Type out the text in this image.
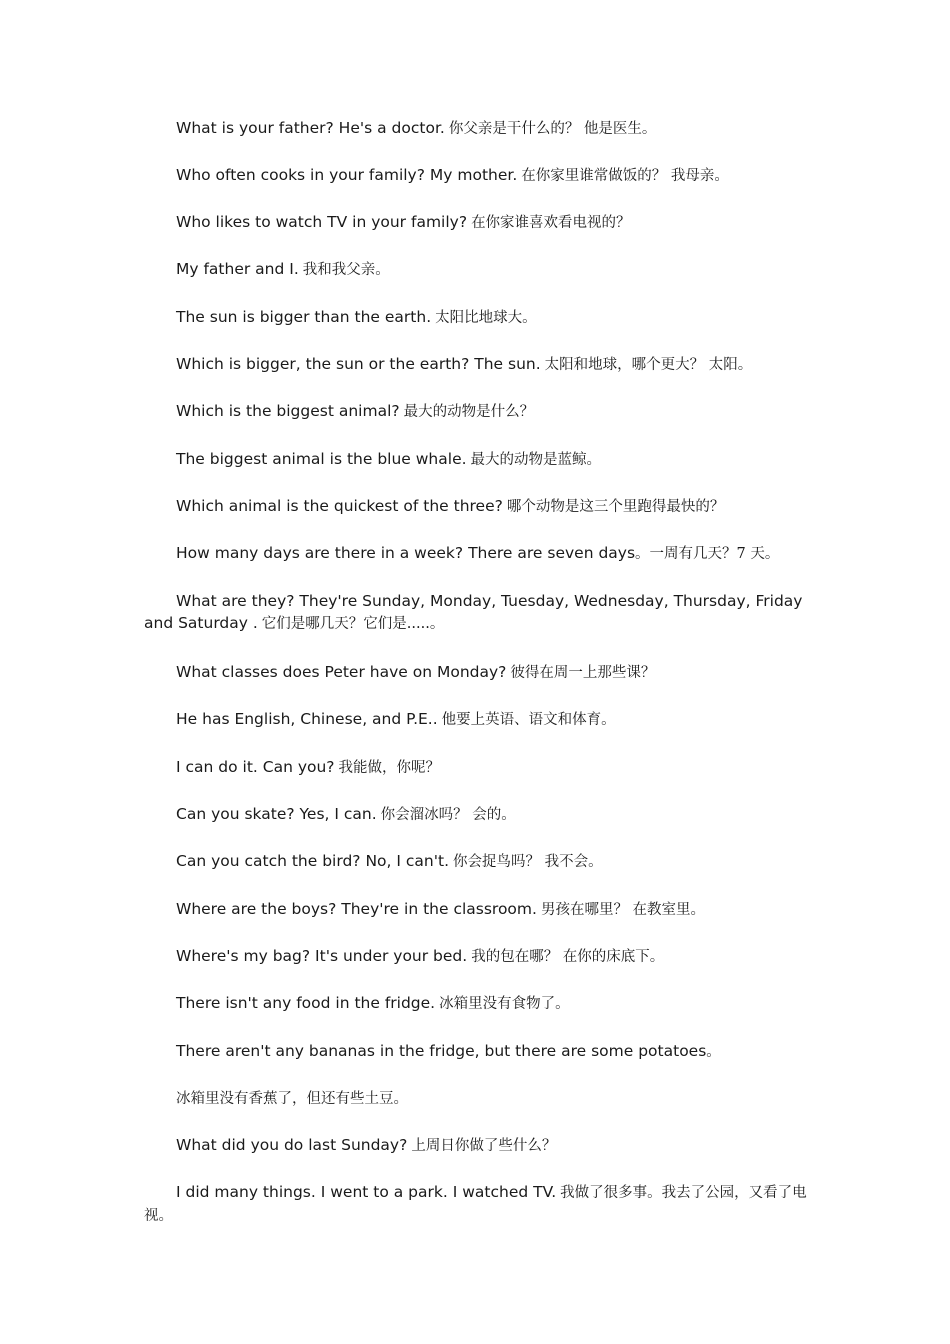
What is your father? He's a doctor. 你父亲是干什么的？ 他是医生。

Who often cooks in your family? My mother. 在你家里谁常做饭的？ 我母亲。

Who likes to watch TV in your family? 在你家谁喜欢看电视的？

My father and I. 我和我父亲。

The sun is bigger than the earth. 太阳比地球大。

Which is bigger, the sun or the earth? The sun. 太阳和地球，哪个更大？ 太阳。

Which is the biggest animal? 最大的动物是什么？

The biggest animal is the blue whale. 最大的动物是蓝鲸。

Which animal is the quickest of the three? 哪个动物是这三个里跑得最快的？

How many days are there in a week? There are seven days。一周有几天？7 天。

What are they? They're Sunday, Monday, Tuesday, Wednesday, Thursday, Friday and Saturday . 它们是哪几天？它们是.....。

What classes does Peter have on Monday? 彼得在周一上那些课？

He has English, Chinese, and P.E.. 他要上英语、语文和体育。

I can do it. Can you? 我能做，你呢？

Can you skate? Yes, I can. 你会溜冰吗？ 会的。

Can you catch the bird? No, I can't. 你会捉鸟吗？ 我不会。

Where are the boys? They're in the classroom. 男孩在哪里？ 在教室里。

Where's my bag? It's under your bed. 我的包在哪？ 在你的床底下。

There isn't any food in the fridge. 冰箱里没有食物了。

There aren't any bananas in the fridge, but there are some potatoes。

冰箱里没有香蕉了，但还有些土豆。

What did you do last Sunday? 上周日你做了些什么？

I did many things. I went to a park. I watched TV. 我做了很多事。我去了公园，又看了电视。
